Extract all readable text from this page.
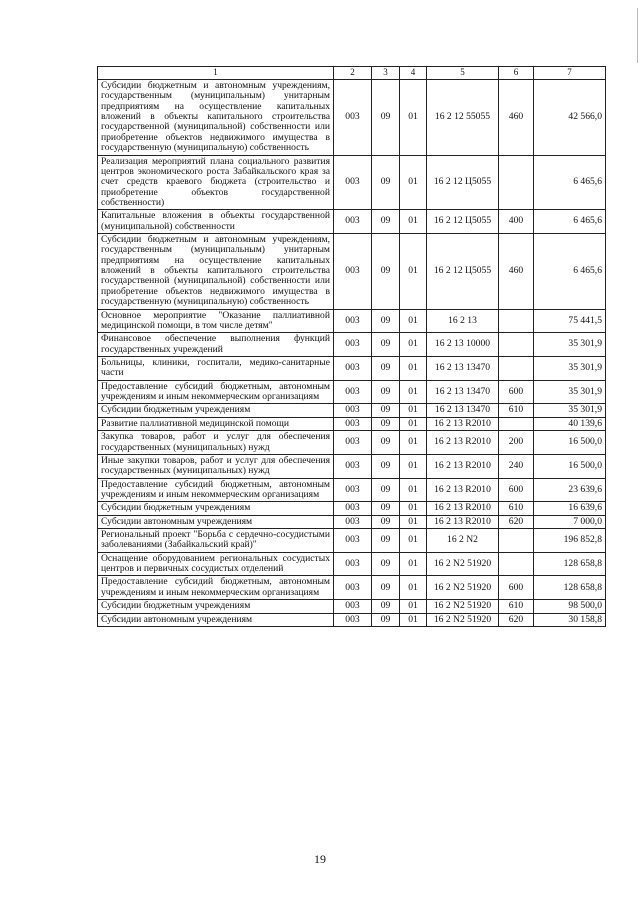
1	2	3	4	5	6	7
Субсидии бюджетным и автономным учреждениям, государственным (муниципальным) унитарным предприятиям на осуществление капитальных вложений в объекты капитального строительства государственной (муниципальной) собственности или приобретение объектов недвижимого имущества в государственную (муниципальную) собственность	003	09	01	16 2 12 55055	460	42 566,0
Реализация мероприятий плана социального развития центров экономического роста Забайкальского края за счет средств краевого бюджета (строительство и приобретение объектов государственной собственности)	003	09	01	16 2 12 Ц5055		6 465,6
Капитальные вложения в объекты государственной (муниципальной) собственности	003	09	01	16 2 12 Ц5055	400	6 465,6
Субсидии бюджетным и автономным учреждениям, государственным (муниципальным) унитарным предприятиям на осуществление капитальных вложений в объекты капитального строительства государственной (муниципальной) собственности или приобретение объектов недвижимого имущества в государственную (муниципальную) собственность	003	09	01	16 2 12 Ц5055	460	6 465,6
Основное мероприятие "Оказание паллиативной медицинской помощи, в том числе детям"	003	09	01	16 2 13		75 441,5
Финансовое обеспечение выполнения функций государственных учреждений	003	09	01	16 2 13 10000		35 301,9
Больницы, клиники, госпитали, медико-санитарные части	003	09	01	16 2 13 13470		35 301,9
Предоставление субсидий бюджетным, автономным учреждениям и иным некоммерческим организациям	003	09	01	16 2 13 13470	600	35 301,9
Субсидии бюджетным учреждениям	003	09	01	16 2 13 13470	610	35 301,9
Развитие паллиативной медицинской помощи	003	09	01	16 2 13 R2010		40 139,6
Закупка товаров, работ и услуг для обеспечения государственных (муниципальных) нужд	003	09	01	16 2 13 R2010	200	16 500,0
Иные закупки товаров, работ и услуг для обеспечения государственных (муниципальных) нужд	003	09	01	16 2 13 R2010	240	16 500,0
Предоставление субсидий бюджетным, автономным учреждениям и иным некоммерческим организациям	003	09	01	16 2 13 R2010	600	23 639,6
Субсидии бюджетным учреждениям	003	09	01	16 2 13 R2010	610	16 639,6
Субсидии автономным учреждениям	003	09	01	16 2 13 R2010	620	7 000,0
Региональный проект "Борьба с сердечно-сосудистыми заболеваниями (Забайкальский край)"	003	09	01	16 2 N2		196 852,8
Оснащение оборудованием региональных сосудистых центров и первичных сосудистых отделений	003	09	01	16 2 N2 51920		128 658,8
Предоставление субсидий бюджетным, автономным учреждениям и иным некоммерческим организациям	003	09	01	16 2 N2 51920	600	128 658,8
Субсидии бюджетным учреждениям	003	09	01	16 2 N2 51920	610	98 500,0
Субсидии автономным учреждениям	003	09	01	16 2 N2 51920	620	30 158,8
19
